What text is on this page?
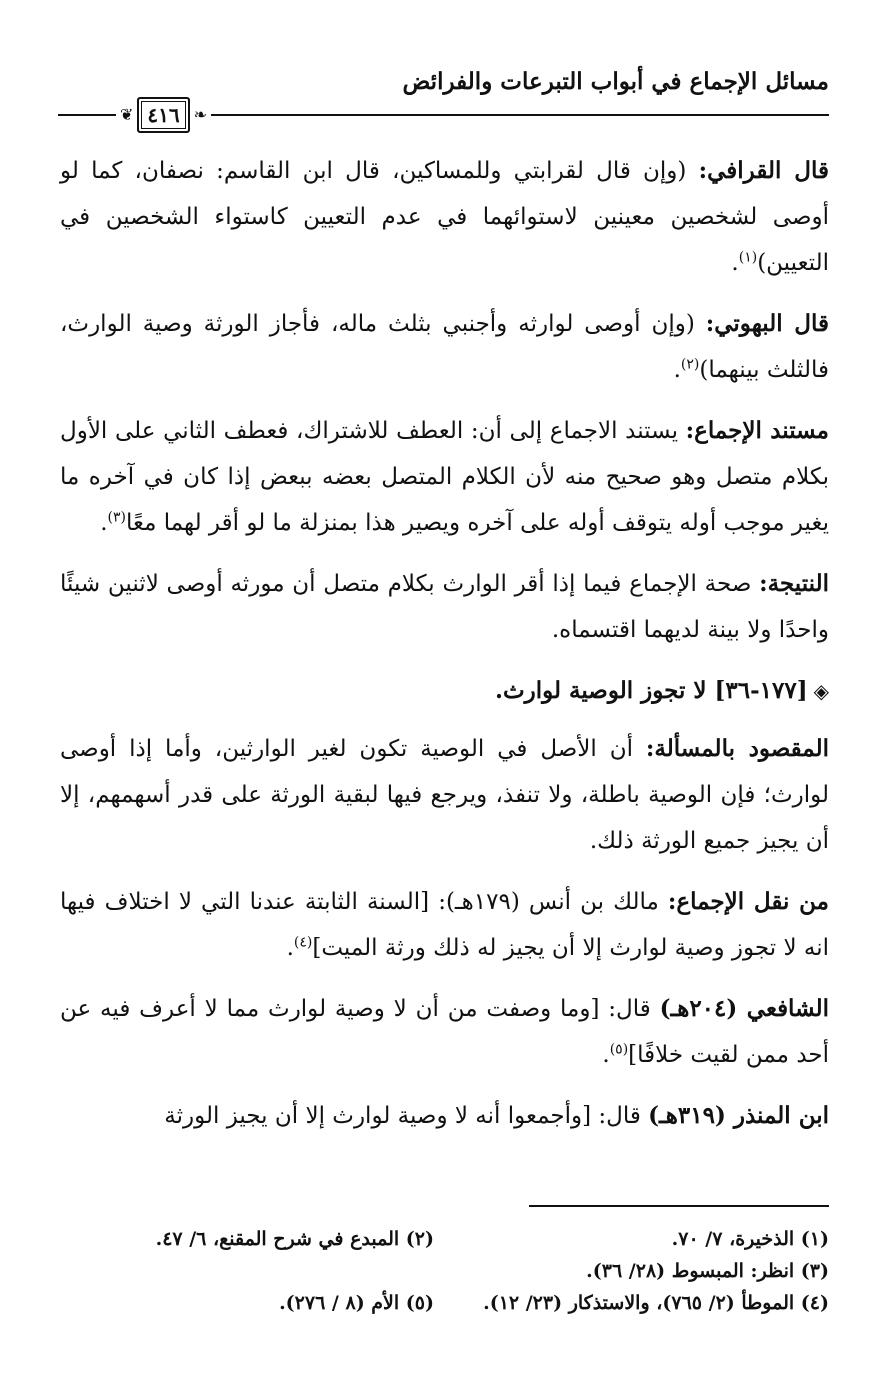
مسائل الإجماع في أبواب التبرعات والفرائض
❦ ٤١٦ ❧

قال القرافي: (وإن قال لقرابتي وللمساكين، قال ابن القاسم: نصفان، كما لو أوصى لشخصين معينين لاستوائهما في عدم التعيين كاستواء الشخصين في التعيين)$^{(١)}$.

قال البهوتي: (وإن أوصى لوارثه وأجنبي بثلث ماله، فأجاز الورثة وصية الوارث، فالثلث بينهما)$^{(٢)}$.

مستند الإجماع: يستند الاجماع إلى أن: العطف للاشتراك، فعطف الثاني على الأول بكلام متصل وهو صحيح منه لأن الكلام المتصل بعضه ببعض إذا كان في آخره ما يغير موجب أوله يتوقف أوله على آخره ويصير هذا بمنزلة ما لو أقر لهما معًا$^{(٣)}$.

النتيجة: صحة الإجماع فيما إذا أقر الوارث بكلام متصل أن مورثه أوصى لاثنين شيئًا واحدًا ولا بينة لديهما اقتسماه.

◈[١٧٧-٣٦] لا تجوز الوصية لوارث.

المقصود بالمسألة: أن الأصل في الوصية تكون لغير الوارثين، وأما إذا أوصى لوارث؛ فإن الوصية باطلة، ولا تنفذ، ويرجع فيها لبقية الورثة على قدر أسهمهم، إلا أن يجيز جميع الورثة ذلك.

من نقل الإجماع: مالك بن أنس (١٧٩هـ): [السنة الثابتة عندنا التي لا اختلاف فيها انه لا تجوز وصية لوارث إلا أن يجيز له ذلك ورثة الميت]$^{(٤)}$.

الشافعي (٢٠٤هـ) قال: [وما وصفت من أن لا وصية لوارث مما لا أعرف فيه عن أحد ممن لقيت خلافًا]$^{(٥)}$.

ابن المنذر (٣١٩هـ) قال: [وأجمعوا أنه لا وصية لوارث إلا أن يجيز الورثة

(١) الذخيرة، ٧/ ٧٠.
(٢) المبدع في شرح المقنع، ٦/ ٤٧.
(٣) انظر: المبسوط (٢٨/ ٣٦).
(٤) الموطأ (٢/ ٧٦٥)، والاستذكار (٢٣/ ١٢).
(٥) الأم (٨ / ٢٧٦).
